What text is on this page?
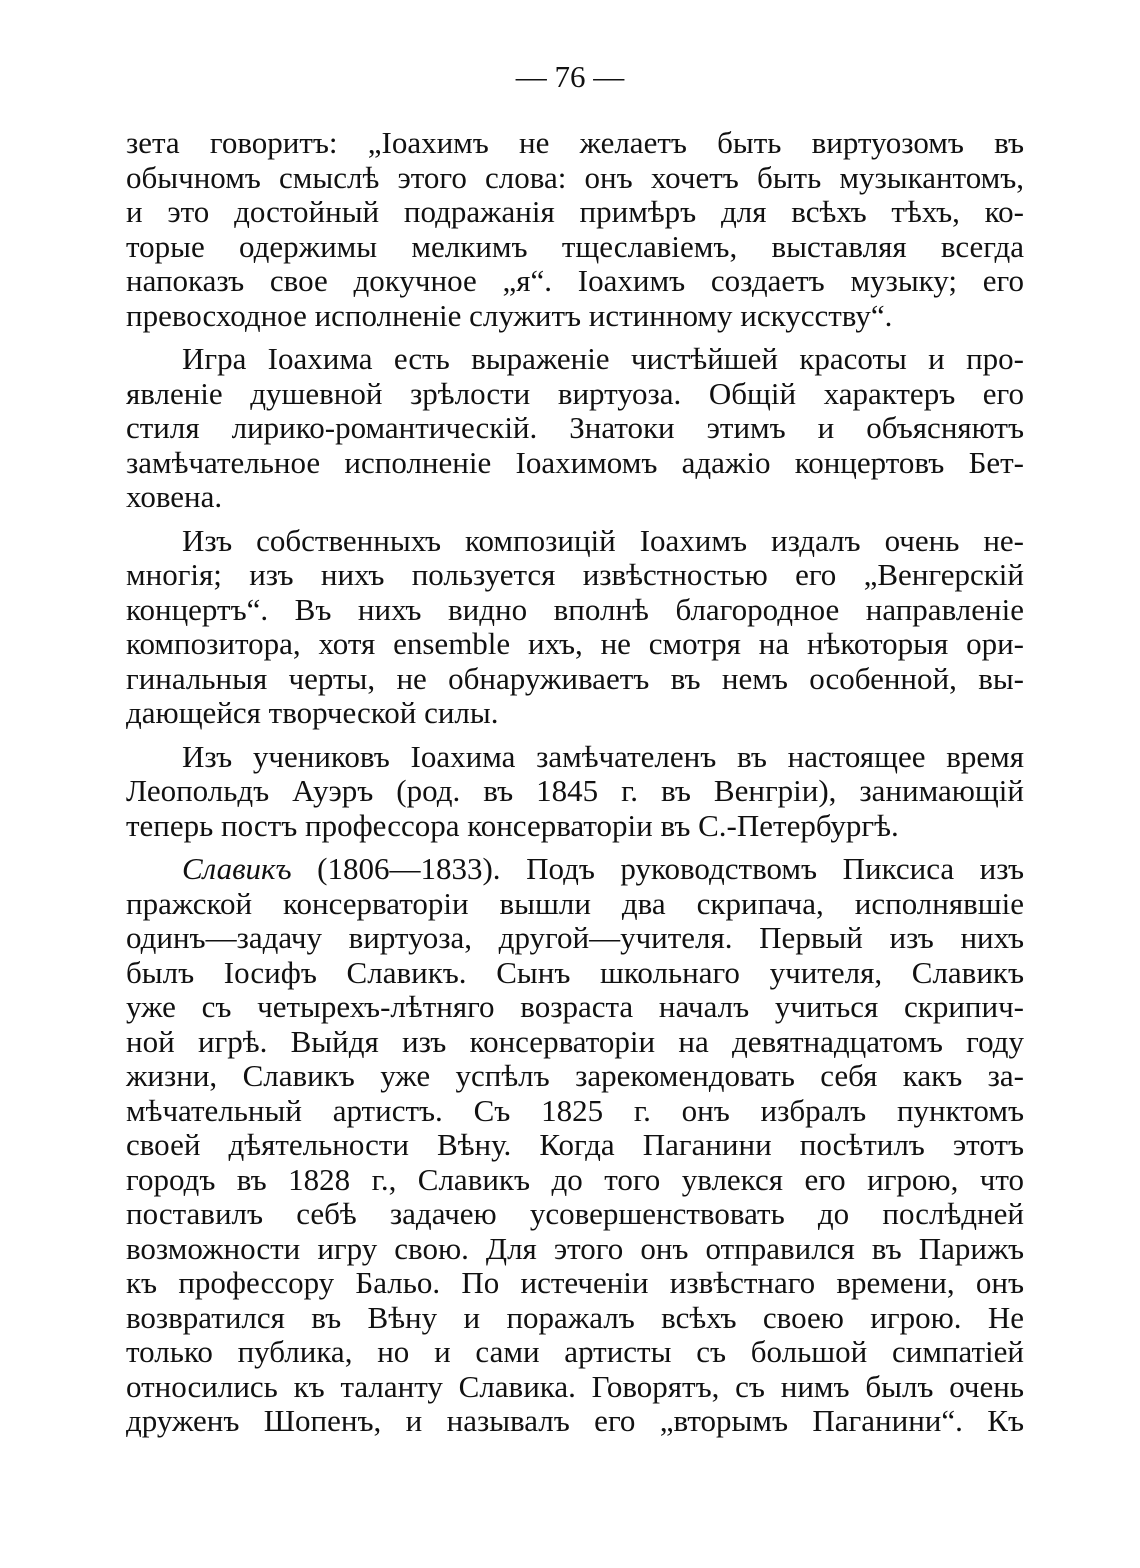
— 76 —
зета говоритъ: „Іоахимъ не желаетъ быть виртуозомъ въ
обычномъ смыслѣ этого слова: онъ хочетъ быть музыкантомъ,
и это достойный подражанія примѣръ для всѣхъ тѣхъ, ко-
торые одержимы мелкимъ тщеславіемъ, выставляя всегда
напоказъ свое докучное „я“. Іоахимъ создаетъ музыку; его
превосходное исполненіе служитъ истинному искусству“.
Игра Іоахима есть выраженіе чистѣйшей красоты и про-
явленіе душевной зрѣлости виртуоза. Общій характеръ его
стиля лирико-романтическій. Знатоки этимъ и объясняютъ
замѣчательное исполненіе Іоахимомъ адажіо концертовъ Бет-
ховена.
Изъ собственныхъ композицій Іоахимъ издалъ очень не-
многія; изъ нихъ пользуется извѣстностью его „Венгерскій
концертъ“. Въ нихъ видно вполнѣ благородное направленіе
композитора, хотя ensemble ихъ, не смотря на нѣкоторыя ори-
гинальныя черты, не обнаруживаетъ въ немъ особенной, вы-
дающейся творческой силы.
Изъ учениковъ Іоахима замѣчателенъ въ настоящее время
Леопольдъ Ауэръ (род. въ 1845 г. въ Венгріи), занимающій
теперь постъ профессора консерваторіи въ С.-Петербургѣ.
Славикъ (1806—1833). Подъ руководствомъ Пиксиса изъ
пражской консерваторіи вышли два скрипача, исполнявшіе
одинъ—задачу виртуоза, другой—учителя. Первый изъ нихъ
былъ Іосифъ Славикъ. Сынъ школьнаго учителя, Славикъ
уже съ четырехъ-лѣтняго возраста началъ учиться скрипич-
ной игрѣ. Выйдя изъ консерваторіи на девятнадцатомъ году
жизни, Славикъ уже успѣлъ зарекомендовать себя какъ за-
мѣчательный артистъ. Съ 1825 г. онъ избралъ пунктомъ
своей дѣятельности Вѣну. Когда Паганини посѣтилъ этотъ
городъ въ 1828 г., Славикъ до того увлекся его игрою, что
поставилъ себѣ задачею усовершенствовать до послѣдней
возможности игру свою. Для этого онъ отправился въ Парижъ
къ профессору Бальо. По истеченіи извѣстнаго времени, онъ
возвратился въ Вѣну и поражалъ всѣхъ своею игрою. Не
только публика, но и сами артисты съ большой симпатіей
относились къ таланту Славика. Говорятъ, съ нимъ былъ очень
друженъ Шопенъ, и называлъ его „вторымъ Паганини“. Къ
